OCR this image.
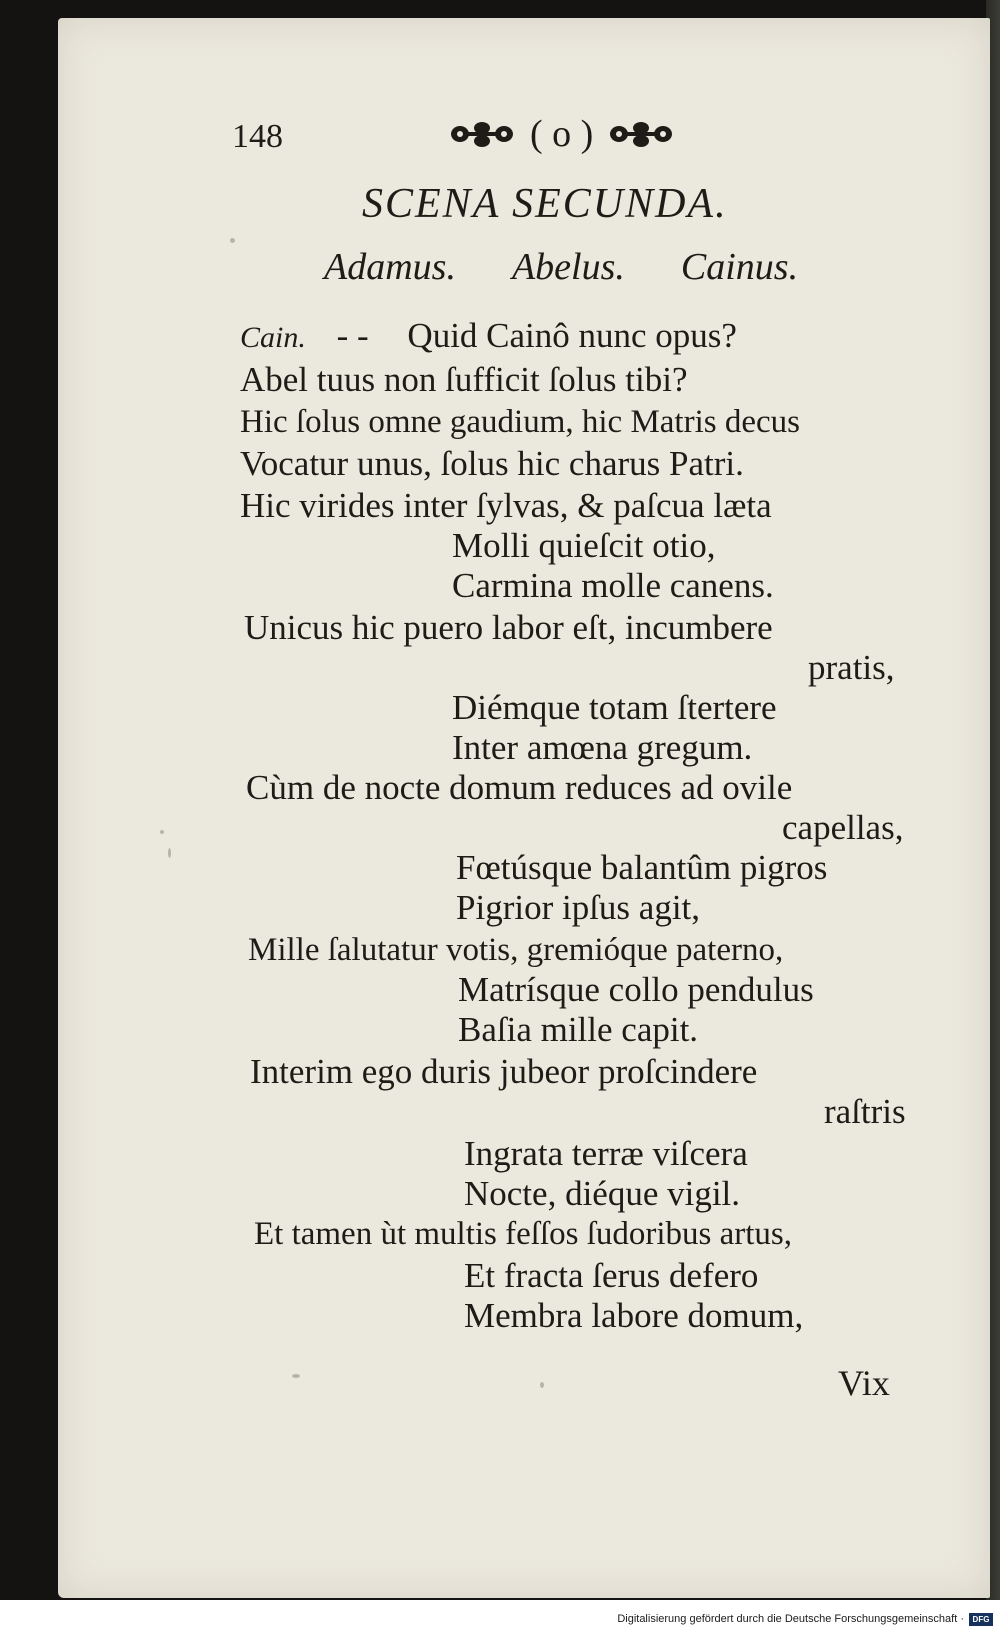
148	( o )
SCENA SECUNDA.
Adamus. Abelus. Cainus.
Cain. - - Quid Cainô nunc opus?
Abel tuus non ſufficit ſolus tibi?
Hic ſolus omne gaudium, hic Matris decus
Vocatur unus, ſolus hic charus Patri.
Hic virides inter ſylvas, & paſcua læta
Molli quieſcit otio,
Carmina molle canens.
Unicus hic puero labor eſt, incumbere
pratis,
Diémque totam ſtertere
Inter amœna gregum.
Cùm de nocte domum reduces ad ovile
capellas,
Fœtúsque balantûm pigros
Pigrior ipſus agit,
Mille ſalutatur votis, gremióque paterno,
Matrísque collo pendulus
Baſia mille capit.
Interim ego duris jubeor proſcindere
raſtris
Ingrata terræ viſcera
Nocte, diéque vigil.
Et tamen ùt multis feſſos ſudoribus artus,
Et fracta ſerus defero
Membra labore domum,
Vix
Digitalisierung gefördert durch die Deutsche Forschungsgemeinschaft ·	DFG
